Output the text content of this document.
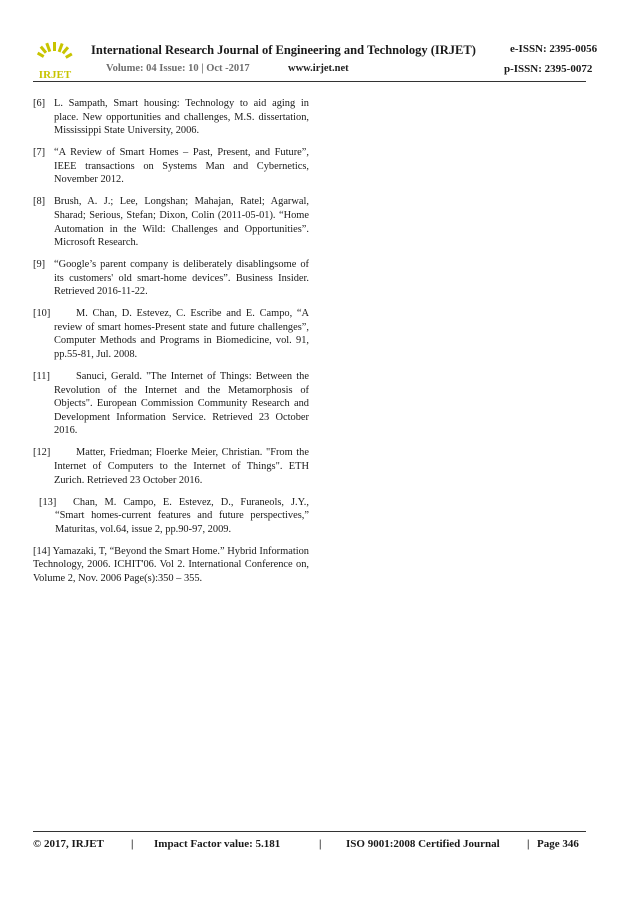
IRJET
International Research Journal of Engineering and Technology (IRJET)	e-ISSN: 2395-0056
Volume: 04 Issue: 10 | Oct -2017	www.irjet.net	p-ISSN: 2395-0072
[6] L. Sampath, Smart housing: Technology to aid aging in place. New opportunities and challenges, M.S. dissertation, Mississippi State University, 2006.
[7] “A Review of Smart Homes – Past, Present, and Future”, IEEE transactions on Systems Man and Cybernetics, November 2012.
[8] Brush, A. J.; Lee, Longshan; Mahajan, Ratel; Agarwal, Sharad; Serious, Stefan; Dixon, Colin (2011-05-01). “Home Automation in the Wild: Challenges and Opportunities”. Microsoft Research.
[9] “Google’s parent company is deliberately disablingsome of its customers' old smart-home devices”. Business Insider. Retrieved 2016-11-22.
[10] M. Chan, D. Estevez, C. Escribe and E. Campo, “A review of smart homes-Present state and future challenges”, Computer Methods and Programs in Biomedicine, vol. 91, pp.55-81, Jul. 2008.
[11]	Sanuci, Gerald. "The Internet of Things: Between the Revolution of the Internet and the Metamorphosis of Objects". European Commission Community Research and Development Information Service. Retrieved 23 October 2016.
[12] Matter, Friedman; Floerke Meier, Christian. "From the Internet of Computers to the Internet of Things". ETH Zurich. Retrieved 23 October 2016.
[13] Chan, M. Campo, E. Estevez, D., Furaneols, J.Y., “Smart homes-current features and future perspectives,” Maturitas, vol.64, issue 2, pp.90-97, 2009.
[14] Yamazaki, T, “Beyond the Smart Home.” Hybrid Information Technology, 2006. ICHIT'06. Vol 2. International Conference on, Volume 2, Nov. 2006 Page(s):350 – 355.
© 2017, IRJET | Impact Factor value: 5.181	| ISO 9001:2008 Certified Journal | Page 346
